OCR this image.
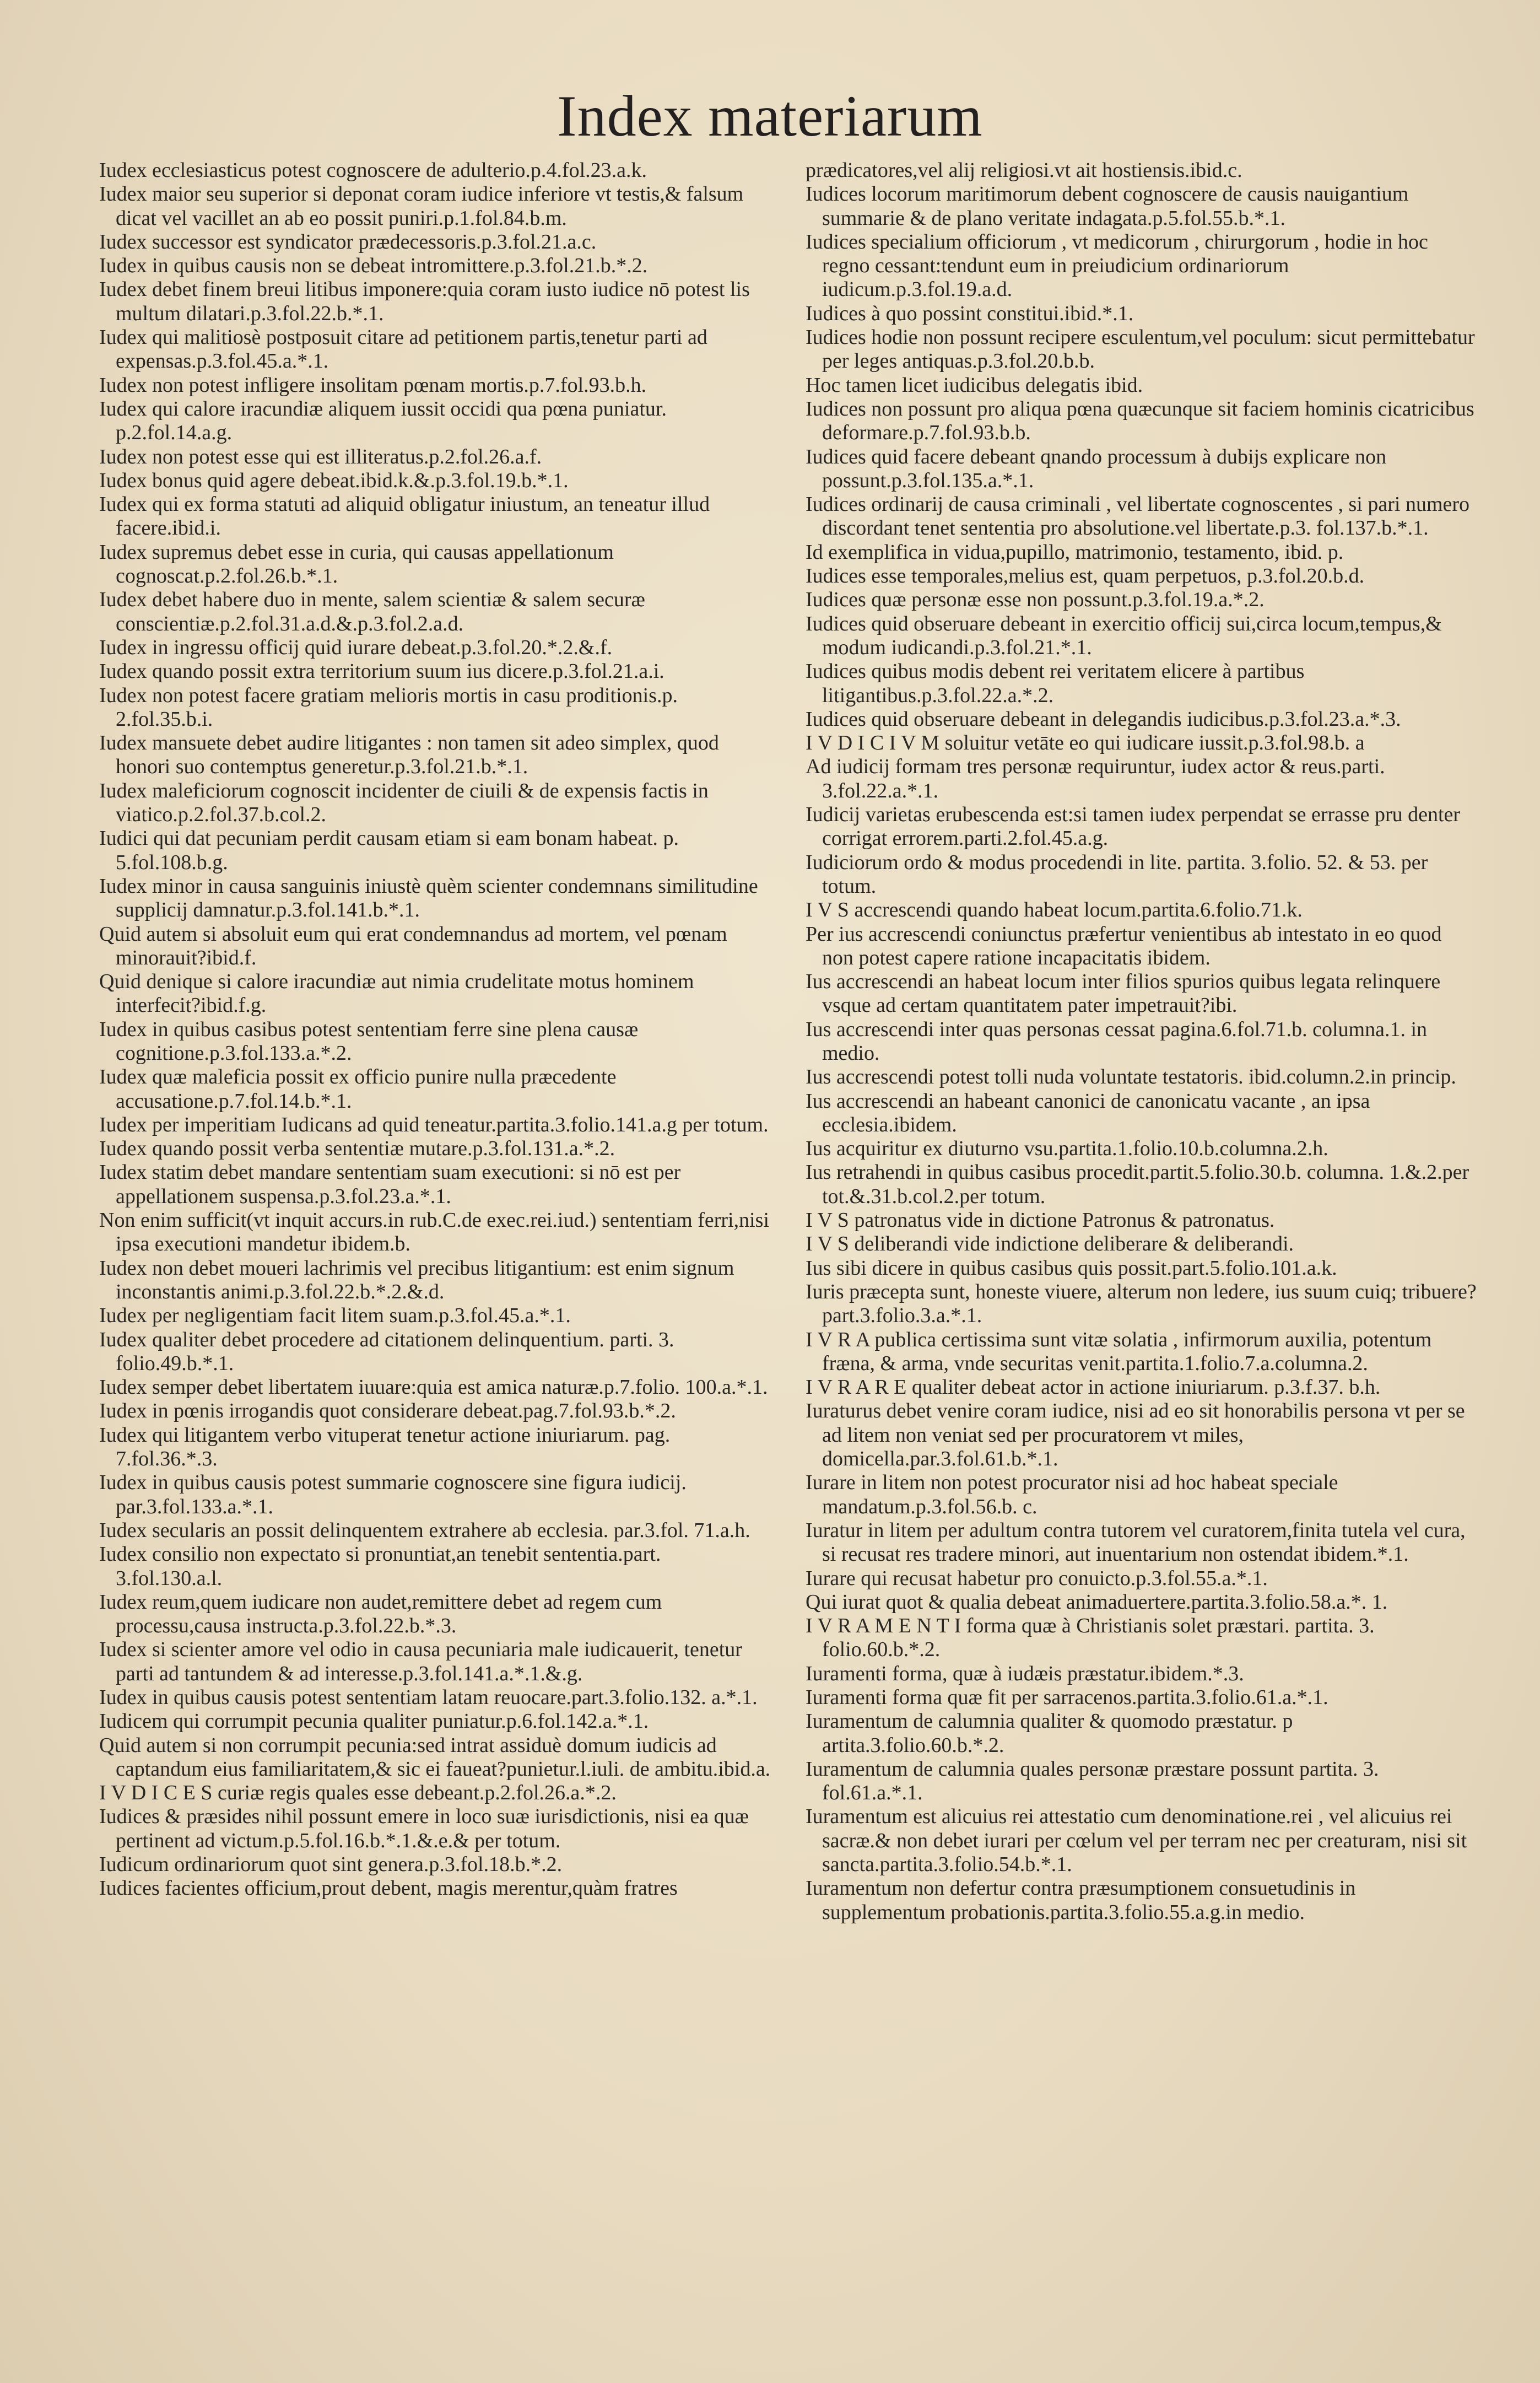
Index materiarum
Iudex ecclesiasticus potest cognoscere de adulterio.p.4.fol.23.a.k.
Iudex maior seu superior si deponat coram iudice inferiore vt testis,& falsum dicat vel vacillet an ab eo possit puniri.p.1.fol.84.b.m.
Iudex successor est syndicator prædecessoris.p.3.fol.21.a.c.
Iudex in quibus causis non se debeat intromittere.p.3.fol.21.b.*.2.
Iudex debet finem breui litibus imponere:quia coram iusto iudice nō potest lis multum dilatari.p.3.fol.22.b.*.1.
Iudex qui malitiosè postposuit citare ad petitionem partis,tenetur parti ad expensas.p.3.fol.45.a.*.1.
Iudex non potest infligere insolitam pœnam mortis.p.7.fol.93.b.h.
Iudex qui calore iracundiæ aliquem iussit occidi qua pœna puniatur. p.2.fol.14.a.g.
Iudex non potest esse qui est illiteratus.p.2.fol.26.a.f.
Iudex bonus quid agere debeat.ibid.k.&.p.3.fol.19.b.*.1.
Iudex qui ex forma statuti ad aliquid obligatur iniustum, an teneatur illud facere.ibid.i.
Iudex supremus debet esse in curia, qui causas appellationum cognoscat.p.2.fol.26.b.*.1.
Iudex debet habere duo in mente, salem scientiæ & salem securæ conscientiæ.p.2.fol.31.a.d.&.p.3.fol.2.a.d.
Iudex in ingressu officij quid iurare debeat.p.3.fol.20.*.2.&.f.
Iudex quando possit extra territorium suum ius dicere.p.3.fol.21.a.i.
Iudex non potest facere gratiam melioris mortis in casu proditionis.p. 2.fol.35.b.i.
Iudex mansuete debet audire litigantes : non tamen sit adeo simplex, quod honori suo contemptus generetur.p.3.fol.21.b.*.1.
Iudex maleficiorum cognoscit incidenter de ciuili & de expensis factis in viatico.p.2.fol.37.b.col.2.
Iudici qui dat pecuniam perdit causam etiam si eam bonam habeat. p. 5.fol.108.b.g.
Iudex minor in causa sanguinis iniustè quèm scienter condemnans similitudine supplicij damnatur.p.3.fol.141.b.*.1.
Quid autem si absoluit eum qui erat condemnandus ad mortem, vel pœnam minorauit?ibid.f.
Quid denique si calore iracundiæ aut nimia crudelitate motus hominem interfecit?ibid.f.g.
Iudex in quibus casibus potest sententiam ferre sine plena causæ cognitione.p.3.fol.133.a.*.2.
Iudex quæ maleficia possit ex officio punire nulla præcedente accusatione.p.7.fol.14.b.*.1.
Iudex per imperitiam Iudicans ad quid teneatur.partita.3.folio.141.a.g per totum.
Iudex quando possit verba sententiæ mutare.p.3.fol.131.a.*.2.
Iudex statim debet mandare sententiam suam executioni: si nō est per appellationem suspensa.p.3.fol.23.a.*.1.
Non enim sufficit(vt inquit accurs.in rub.C.de exec.rei.iud.) sententiam ferri,nisi ipsa executioni mandetur ibidem.b.
Iudex non debet moueri lachrimis vel precibus litigantium: est enim signum inconstantis animi.p.3.fol.22.b.*.2.&.d.
Iudex per negligentiam facit litem suam.p.3.fol.45.a.*.1.
Iudex qualiter debet procedere ad citationem delinquentium. parti. 3. folio.49.b.*.1.
Iudex semper debet libertatem iuuare:quia est amica naturæ.p.7.folio. 100.a.*.1.
Iudex in pœnis irrogandis quot considerare debeat.pag.7.fol.93.b.*.2.
Iudex qui litigantem verbo vituperat tenetur actione iniuriarum. pag. 7.fol.36.*.3.
Iudex in quibus causis potest summarie cognoscere sine figura iudicij. par.3.fol.133.a.*.1.
Iudex secularis an possit delinquentem extrahere ab ecclesia. par.3.fol. 71.a.h.
Iudex consilio non expectato si pronuntiat,an tenebit sententia.part. 3.fol.130.a.l.
Iudex reum,quem iudicare non audet,remittere debet ad regem cum processu,causa instructa.p.3.fol.22.b.*.3.
Iudex si scienter amore vel odio in causa pecuniaria male iudicauerit, tenetur parti ad tantundem & ad interesse.p.3.fol.141.a.*.1.&.g.
Iudex in quibus causis potest sententiam latam reuocare.part.3.folio.132. a.*.1.
Iudicem qui corrumpit pecunia qualiter puniatur.p.6.fol.142.a.*.1.
Quid autem si non corrumpit pecunia:sed intrat assiduè domum iudicis ad captandum eius familiaritatem,& sic ei faueat?punietur.l.iuli. de ambitu.ibid.a.
I V D I C E S curiæ regis quales esse debeant.p.2.fol.26.a.*.2.
Iudices & præsides nihil possunt emere in loco suæ iurisdictionis, nisi ea quæ pertinent ad victum.p.5.fol.16.b.*.1.&.e.& per totum.
Iudicum ordinariorum quot sint genera.p.3.fol.18.b.*.2.
Iudices facientes officium,prout debent, magis merentur,quàm fratres
prædicatores,vel alij religiosi.vt ait hostiensis.ibid.c.
Iudices locorum maritimorum debent cognoscere de causis nauigantium summarie & de plano veritate indagata.p.5.fol.55.b.*.1.
Iudices specialium officiorum , vt medicorum , chirurgorum , hodie in hoc regno cessant:tendunt eum in preiudicium ordinariorum iudicum.p.3.fol.19.a.d.
Iudices à quo possint constitui.ibid.*.1.
Iudices hodie non possunt recipere esculentum,vel poculum: sicut permittebatur per leges antiquas.p.3.fol.20.b.b.
Hoc tamen licet iudicibus delegatis ibid.
Iudices non possunt pro aliqua pœna quæcunque sit faciem hominis cicatricibus deformare.p.7.fol.93.b.b.
Iudices quid facere debeant qnando processum à dubijs explicare non possunt.p.3.fol.135.a.*.1.
Iudices ordinarij de causa criminali , vel libertate cognoscentes , si pari numero discordant tenet sententia pro absolutione.vel libertate.p.3. fol.137.b.*.1.
Id exemplifica in vidua,pupillo, matrimonio, testamento, ibid. p.
Iudices esse temporales,melius est, quam perpetuos, p.3.fol.20.b.d.
Iudices quæ personæ esse non possunt.p.3.fol.19.a.*.2.
Iudices quid obseruare debeant in exercitio officij sui,circa locum,tempus,& modum iudicandi.p.3.fol.21.*.1.
Iudices quibus modis debent rei veritatem elicere à partibus litigantibus.p.3.fol.22.a.*.2.
Iudices quid obseruare debeant in delegandis iudicibus.p.3.fol.23.a.*.3.
I V D I C I V M soluitur vetāte eo qui iudicare iussit.p.3.fol.98.b. a
Ad iudicij formam tres personæ requiruntur, iudex actor & reus.parti. 3.fol.22.a.*.1.
Iudicij varietas erubescenda est:si tamen iudex perpendat se errasse pru denter corrigat errorem.parti.2.fol.45.a.g.
Iudiciorum ordo & modus procedendi in lite. partita. 3.folio. 52. & 53. per totum.
I V S accrescendi quando habeat locum.partita.6.folio.71.k.
Per ius accrescendi coniunctus præfertur venientibus ab intestato in eo quod non potest capere ratione incapacitatis ibidem.
Ius accrescendi an habeat locum inter filios spurios quibus legata relinquere vsque ad certam quantitatem pater impetrauit?ibi.
Ius accrescendi inter quas personas cessat pagina.6.fol.71.b. columna.1. in medio.
Ius accrescendi potest tolli nuda voluntate testatoris. ibid.column.2.in princip.
Ius accrescendi an habeant canonici de canonicatu vacante , an ipsa ecclesia.ibidem.
Ius acquiritur ex diuturno vsu.partita.1.folio.10.b.columna.2.h.
Ius retrahendi in quibus casibus procedit.partit.5.folio.30.b. columna. 1.&.2.per tot.&.31.b.col.2.per totum.
I V S patronatus vide in dictione Patronus & patronatus.
I V S deliberandi vide indictione deliberare & deliberandi.
Ius sibi dicere in quibus casibus quis possit.part.5.folio.101.a.k.
Iuris præcepta sunt, honeste viuere, alterum non ledere, ius suum cuiq; tribuere?part.3.folio.3.a.*.1.
I V R A publica certissima sunt vitæ solatia , infirmorum auxilia, potentum fræna, & arma, vnde securitas venit.partita.1.folio.7.a.columna.2.
I V R A R E qualiter debeat actor in actione iniuriarum. p.3.f.37. b.h.
Iuraturus debet venire coram iudice, nisi ad eo sit honorabilis persona vt per se ad litem non veniat sed per procuratorem vt miles, domicella.par.3.fol.61.b.*.1.
Iurare in litem non potest procurator nisi ad hoc habeat speciale mandatum.p.3.fol.56.b. c.
Iuratur in litem per adultum contra tutorem vel curatorem,finita tutela vel cura, si recusat res tradere minori, aut inuentarium non ostendat ibidem.*.1.
Iurare qui recusat habetur pro conuicto.p.3.fol.55.a.*.1.
Qui iurat quot & qualia debeat animaduertere.partita.3.folio.58.a.*. 1.
I V R A M E N T I forma quæ à Christianis solet præstari. partita. 3. folio.60.b.*.2.
Iuramenti forma, quæ à iudæis præstatur.ibidem.*.3.
Iuramenti forma quæ fit per sarracenos.partita.3.folio.61.a.*.1.
Iuramentum de calumnia qualiter & quomodo præstatur. p artita.3.folio.60.b.*.2.
Iuramentum de calumnia quales personæ præstare possunt partita. 3. fol.61.a.*.1.
Iuramentum est alicuius rei attestatio cum denominatione.rei , vel alicuius rei sacræ.& non debet iurari per cœlum vel per terram nec per creaturam, nisi sit sancta.partita.3.folio.54.b.*.1.
Iuramentum non defertur contra præsumptionem consuetudinis in supplementum probationis.partita.3.folio.55.a.g.in medio.
